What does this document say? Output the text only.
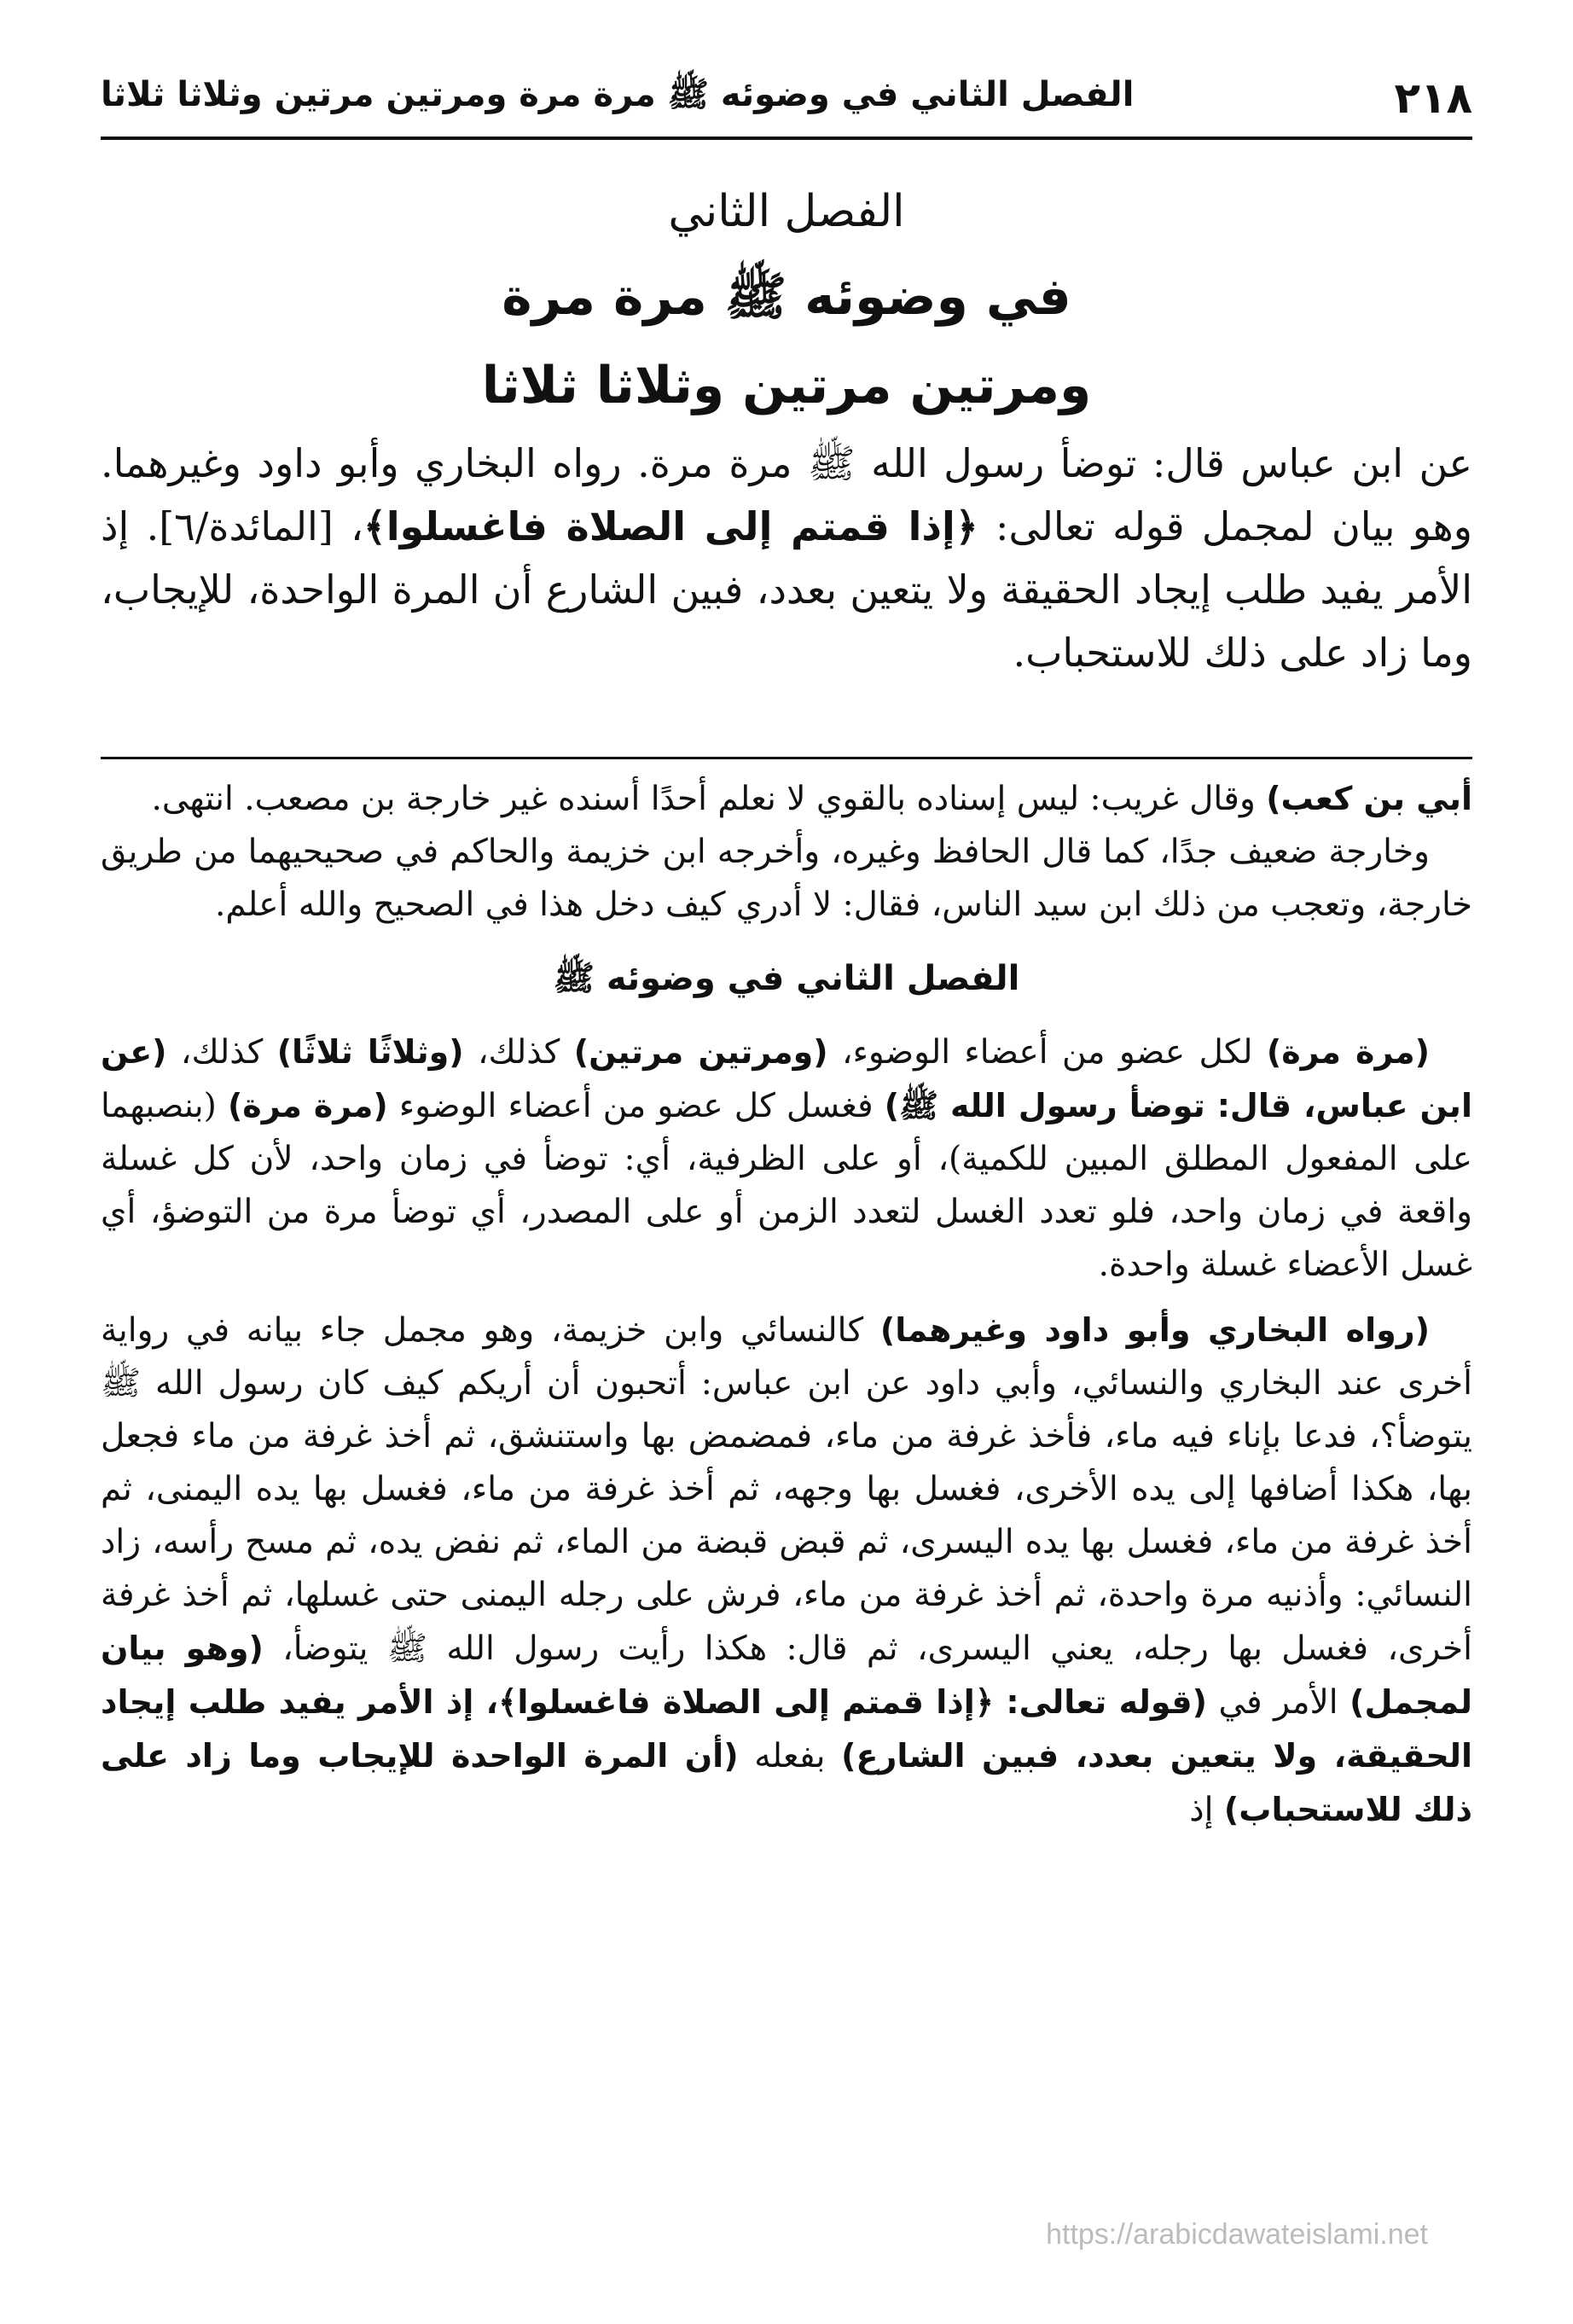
٢١٨
الفصل الثاني في وضوئه ﷺ مرة مرة ومرتين مرتين وثلاثا ثلاثا
الفصل الثاني
في وضوئه ﷺ مرة مرة
ومرتين مرتين وثلاثا ثلاثا

عن ابن عباس قال: توضأ رسول الله ﷺ مرة مرة. رواه البخاري وأبو داود وغيرهما. وهو بيان لمجمل قوله تعالى: ﴿إذا قمتم إلى الصلاة فاغسلوا﴾، [المائدة/٦]. إذ الأمر يفيد طلب إيجاد الحقيقة ولا يتعين بعدد، فبين الشارع أن المرة الواحدة، للإيجاب، وما زاد على ذلك للاستحباب.

أبي بن كعب) وقال غريب: ليس إسناده بالقوي لا نعلم أحدًا أسنده غير خارجة بن مصعب. انتهى.

وخارجة ضعيف جدًا، كما قال الحافظ وغيره، وأخرجه ابن خزيمة والحاكم في صحيحيهما من طريق خارجة، وتعجب من ذلك ابن سيد الناس، فقال: لا أدري كيف دخل هذا في الصحيح والله أعلم.

الفصل الثاني في وضوئه ﷺ

(مرة مرة) لكل عضو من أعضاء الوضوء، (ومرتين مرتين) كذلك، (وثلاثًا ثلاثًا) كذلك، (عن ابن عباس، قال: توضأ رسول الله ﷺ) فغسل كل عضو من أعضاء الوضوء (مرة مرة) (بنصبهما على المفعول المطلق المبين للكمية)، أو على الظرفية، أي: توضأ في زمان واحد، لأن كل غسلة واقعة في زمان واحد، فلو تعدد الغسل لتعدد الزمن أو على المصدر، أي توضأ مرة من التوضؤ، أي غسل الأعضاء غسلة واحدة.

(رواه البخاري وأبو داود وغيرهما) كالنسائي وابن خزيمة، وهو مجمل جاء بيانه في رواية أخرى عند البخاري والنسائي، وأبي داود عن ابن عباس: أتحبون أن أريكم كيف كان رسول الله ﷺ يتوضأ؟، فدعا بإناء فيه ماء، فأخذ غرفة من ماء، فمضمض بها واستنشق، ثم أخذ غرفة من ماء فجعل بها، هكذا أضافها إلى يده الأخرى، فغسل بها وجهه، ثم أخذ غرفة من ماء، فغسل بها يده اليمنى، ثم أخذ غرفة من ماء، فغسل بها يده اليسرى، ثم قبض قبضة من الماء، ثم نفض يده، ثم مسح رأسه، زاد النسائي: وأذنيه مرة واحدة، ثم أخذ غرفة من ماء، فرش على رجله اليمنى حتى غسلها، ثم أخذ غرفة أخرى، فغسل بها رجله، يعني اليسرى، ثم قال: هكذا رأيت رسول الله ﷺ يتوضأ، (وهو بيان لمجمل) الأمر في (قوله تعالى: ﴿إذا قمتم إلى الصلاة فاغسلوا﴾، إذ الأمر يفيد طلب إيجاد الحقيقة، ولا يتعين بعدد، فبين الشارع) بفعله (أن المرة الواحدة للإيجاب وما زاد على ذلك للاستحباب) إذ

https://arabicdawateislami.net
